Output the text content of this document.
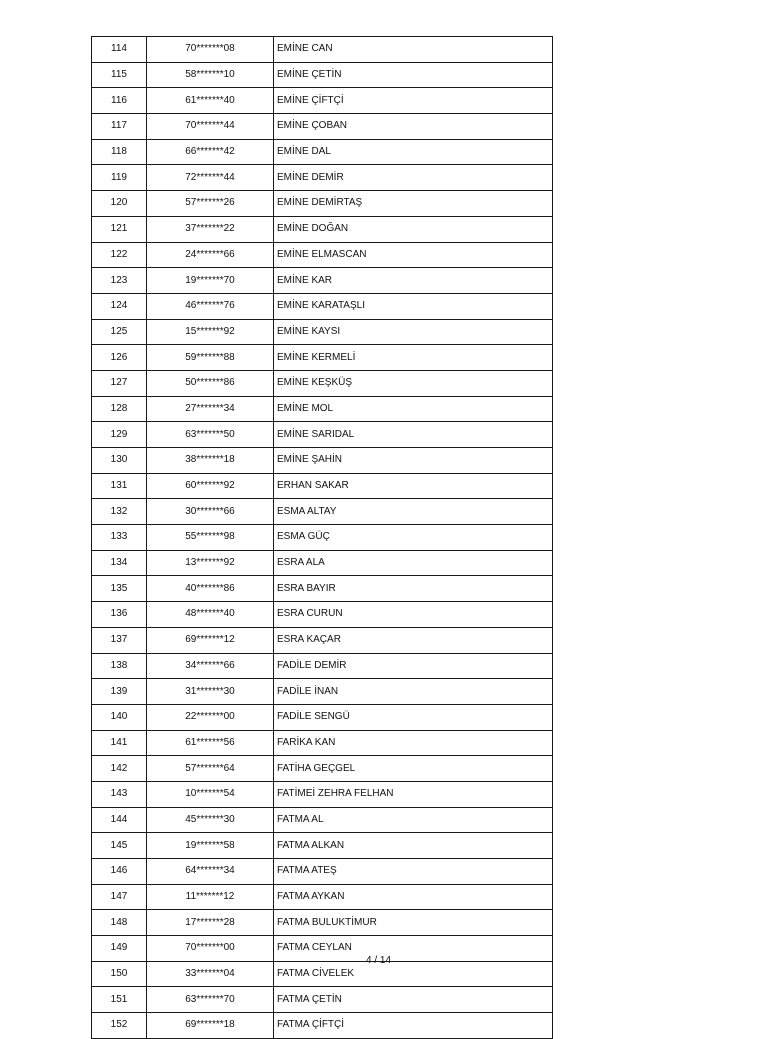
114	70*******08	EMİNE CAN
115	58*******10	EMİNE ÇETİN
116	61*******40	EMİNE ÇİFTÇİ
117	70*******44	EMİNE ÇOBAN
118	66*******42	EMİNE DAL
119	72*******44	EMİNE DEMİR
120	57*******26	EMİNE DEMİRTAŞ
121	37*******22	EMİNE DOĞAN
122	24*******66	EMİNE ELMASCAN
123	19*******70	EMİNE KAR
124	46*******76	EMİNE KARATAŞLI
125	15*******92	EMİNE KAYSI
126	59*******88	EMİNE KERMELİ
127	50*******86	EMİNE KEŞKÜŞ
128	27*******34	EMİNE MOL
129	63*******50	EMİNE SARIDAL
130	38*******18	EMİNE ŞAHİN
131	60*******92	ERHAN SAKAR
132	30*******66	ESMA ALTAY
133	55*******98	ESMA GÜÇ
134	13*******92	ESRA ALA
135	40*******86	ESRA BAYIR
136	48*******40	ESRA CURUN
137	69*******12	ESRA KAÇAR
138	34*******66	FADİLE DEMİR
139	31*******30	FADİLE İNAN
140	22*******00	FADİLE SENGÜ
141	61*******56	FARİKA KAN
142	57*******64	FATİHA GEÇGEL
143	10*******54	FATİMEİ ZEHRA FELHAN
144	45*******30	FATMA AL
145	19*******58	FATMA ALKAN
146	64*******34	FATMA ATEŞ
147	11*******12	FATMA AYKAN
148	17*******28	FATMA BULUKTİMUR
149	70*******00	FATMA CEYLAN
150	33*******04	FATMA CİVELEK
151	63*******70	FATMA ÇETİN
152	69*******18	FATMA ÇİFTÇİ
4 / 14
